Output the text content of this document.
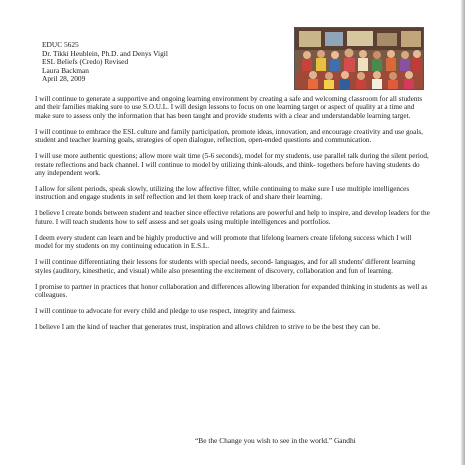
EDUC 5625
Dr. Tikki Heublein, Ph.D. and Denys Vigil
ESL Beliefs (Credo) Revised
Laura Backman
April 28, 2009

I will continue to generate a supportive and ongoing learning environment by creating a safe and welcoming classroom for all students and their families making sure to use S.O.U.L. I will design lessons to focus on one learning target or aspect of quality at a time and make sure to assess only the information that has been taught and provide students with a clear and understandable learning target.

I will continue to embrace the ESL culture and family participation, promote ideas, innovation, and encourage creativity and use goals, student and teacher learning goals, strategies of open dialogue, reflection, open-ended questions and communication.

I will use more authentic questions; allow more wait time (5-6 seconds), model for my students, use parallel talk during the silent period, restate reflections and back channel. I will continue to model by utilizing think-alouds, and think- togethers before having students do any independent work.

I allow for silent periods, speak slowly, utilizing the low affective filter, while continuing to make sure I use multiple intelligences instruction and engage students in self reflection and let them keep track of and share their learning.

I believe I create bonds between student and teacher since effective relations are powerful and help to inspire, and develop leaders for the future. I will teach students how to self assess and set goals using multiple intelligences and portfolios.

I deem every student can learn and be highly productive and will promote that lifelong learners create lifelong success which I will model for my students on my continuing education in E.S.L.

I will continue differentiating their lessons for students with special needs, second- languages, and for all students' different learning styles (auditory, kinesthetic, and visual) while also presenting the excitement of discovery, collaboration and fun of learning.

I promise to partner in practices that honor collaboration and differences allowing liberation for expanded thinking in students as well as colleagues.

I will continue to advocate for every child and pledge to use respect, integrity and fairness.

I believe I am the kind of teacher that generates trust, inspiration and allows children to strive to be the best they can be.

“Be the Change you wish to see in the world.” Gandhi
